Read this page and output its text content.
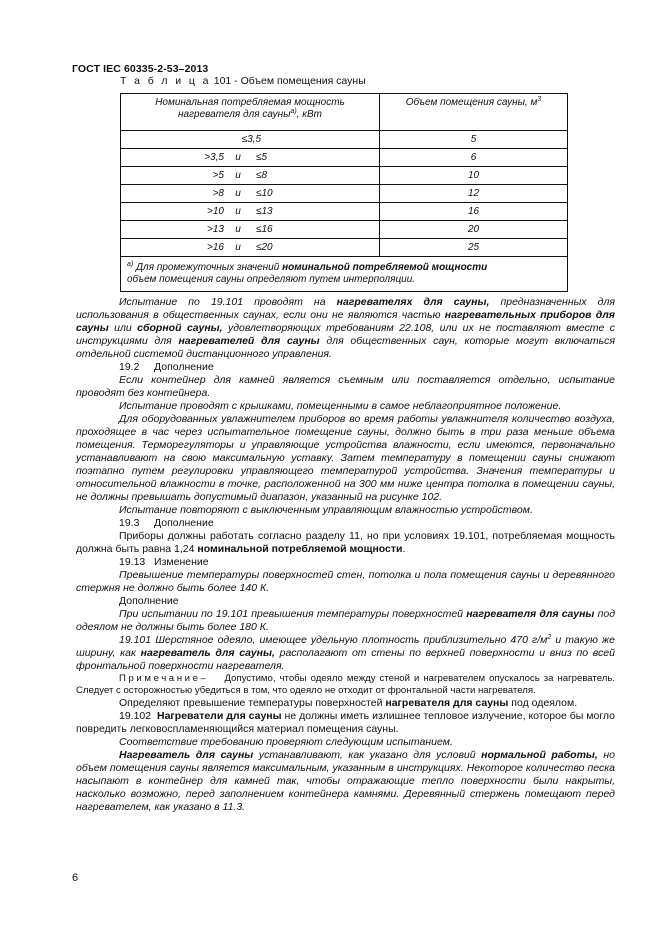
ГОСТ IEC 60335-2-53–2013
Т а б л и ц а 101 - Объем помещения сауны
Номинальная потребляемая мощность
нагревателя для сауны$^{a)}$, кВт	Объем помещения сауны, $м^3$
≤3,5	5
>3,5 и ≤5	6
>5 и ≤8	10
>8 и ≤10	12
>10 и ≤13	16
>13 и ≤16	20
>16 и ≤20	25
$^{a)}$ Для промежуточных значений номинальной потребляемой мощности
объем помещения сауны определяют путем интерполяции.	

Испытание по 19.101 проводят на нагревателях для сауны, предназначенных для использования в общественных саунах, если они не являются частью нагревательных приборов для сауны или сборной сауны, удовлетворяющих требованиям 22.108, или их не поставляют вместе с инструкциями для нагревателей для сауны для общественных саун, которые могут включаться отдельной системой дистанционного управления.

19.2     Дополнение

Если контейнер для камней является съемным или поставляется отдельно, испытание проводят без контейнера.

Испытание проводят с крышками, помещенными в самое неблагоприятное положение.

Для оборудованных увлажнителем приборов во время работы увлажнителя количество воздуха, проходящее в час через испытательное помещение сауны, должно быть в три раза меньше объема помещения. Терморегуляторы и управляющие устройства влажности, если имеются, первоначально устанавливают на свою максимальную уставку. Затем температуру в помещении сауны снижают поэтапно путем регулировки управляющего температурой устройства. Значения температуры и относительной влажности в точке, расположенной на 300 мм ниже центра потолка в помещении сауны, не должны превышать допустимый диапазон, указанный на рисунке 102.

Испытание повторяют с выключенным управляющим влажностью устройством.

19.3     Дополнение

Приборы должны работать согласно разделу 11, но при условиях 19.101, потребляемая мощность должна быть равна 1,24 номинальной потребляемой мощности.

19.13   Изменение

Превышение температуры поверхностей стен, потолка и пола помещения сауны и деревянного стержня не должно быть более 140 К.

Дополнение

При испытании по 19.101 превышения температуры поверхностей нагревателя для сауны под одеялом не должны быть более 180 К.

19.101 Шерстяное одеяло, имеющее удельную плотность приблизительно 470 $г/м^2$ и такую же ширину, как нагреватель для сауны, располагают от стены по верхней поверхности и вниз по всей фронтальной поверхности нагревателя.

Примечание–    Допустимо, чтобы одеяло между стеной и нагревателем опускалось за нагреватель. Следует с осторожностью убедиться в том, что одеяло не отходит от фронтальной части нагревателя.

Определяют превышение температуры поверхностей нагревателя для сауны под одеялом.

19.102  Нагреватели для сауны не должны иметь излишнее тепловое излучение, которое бы могло повредить легковоспламеняющийся материал помещения сауны.

Соответствие требованию проверяют следующим испытанием.

Нагреватель для сауны устанавливают, как указано для условий нормальной работы, но объем помещения сауны является максимальным, указанным в инструкциях. Некоторое количество песка насыпают в контейнер для камней так, чтобы отражающие тепло поверхности были накрыты, насколько возможно, перед заполнением контейнера камнями. Деревянный стержень помещают перед нагревателем, как указано в 11.3.

6
